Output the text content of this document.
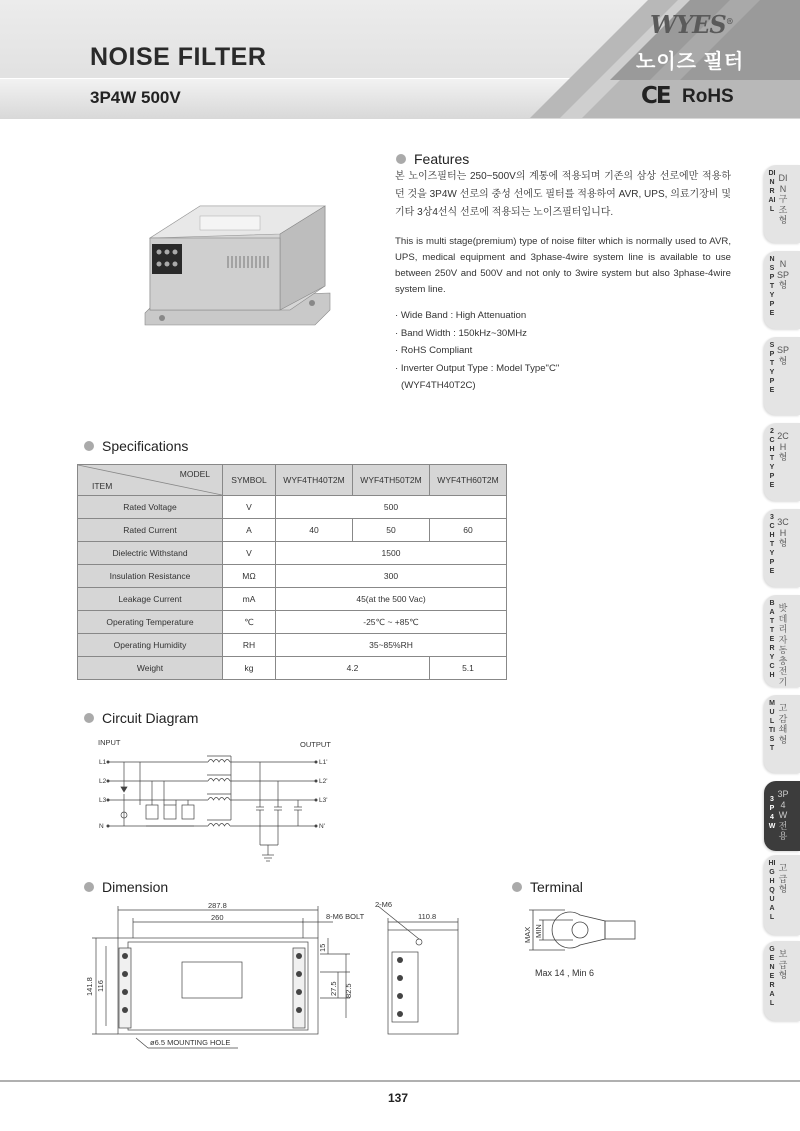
WYES®
NOISE FILTER	노이즈 필터
3P4W 500V	CE RoHS
Features
본 노이즈필터는 250~500V의 계통에 적용되며 기존의 삼상 선로에만 적용하던 것을 3P4W 선로의 중성 선에도 필터를 적용하여 AVR, UPS, 의료기장비 및 기타 3상4선식 선로에 적용되는 노이즈필터입니다.
This is multi stage(premium) type of noise filter which is normally used to AVR, UPS, medical equipment and 3phase-4wire system line is available to use between 250V and 500V and not only to 3wire system but also 3phase-4wire system line.
· Wide Band : High Attenuation
· Band Width : 150kHz~30MHz
· RoHS Compliant
· Inverter Output Type : Model Type"C"
(WYF4TH40T2C)
Specifications
MODEL
ITEM	SYMBOL	WYF4TH40T2M	WYF4TH50T2M	WYF4TH60T2M
Rated Voltage	V	500		
Rated Current	A	40	50	60
Dielectric Withstand	V	1500		
Insulation Resistance	MΩ	300		
Leakage Current	mA	45(at the 500 Vac)		
Operating Temperature	℃	-25℃ ~ +85℃		
Operating Humidity	RH	35~85%RH		
Weight	kg	4.2		5.1
Circuit Diagram
INPUT	OUTPUT
L1
L2
L3
N
L1'
L2'
L3'
N'
Dimension
287.8
260	8-M6 BOLT
2-M6
110.8
ø6.5 MOUNTING HOLE
141.8 116
15
27.5 82.5
Terminal
MAX MIN
Max 14 , Min 6
DIN RAIL
DIN구조형
NSP TYPE
NSP형
SP TYPE
SP형
2CH TYPE
2CH형
3CH TYPE
3CH형
BATTERY CH
밧데리자동충전기
MULTI ST
고감쇄형
3P4W
3P4W전용
HIGH QUAL
고급형
GENERAL
보급형
137
